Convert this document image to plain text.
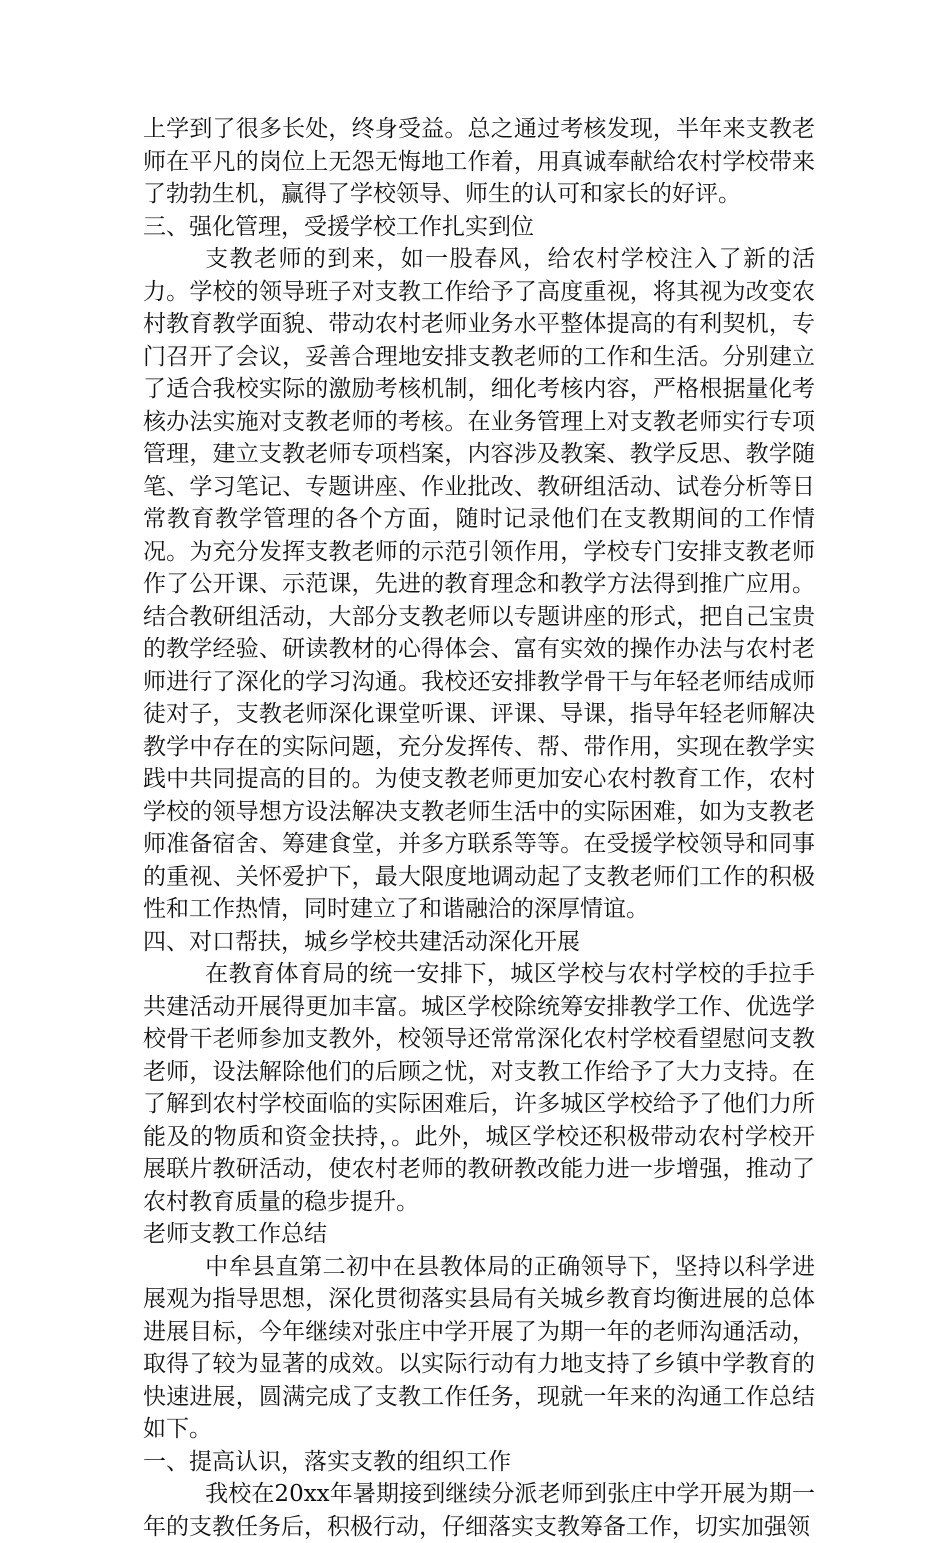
上学到了很多长处，终身受益。总之通过考核发现，半年来支教老师在平凡的岗位上无怨无悔地工作着，用真诚奉献给农村学校带来了勃勃生机，赢得了学校领导、师生的认可和家长的好评。

三、强化管理，受援学校工作扎实到位

支教老师的到来，如一股春风，给农村学校注入了新的活力。学校的领导班子对支教工作给予了高度重视，将其视为改变农村教育教学面貌、带动农村老师业务水平整体提高的有利契机，专门召开了会议，妥善合理地安排支教老师的工作和生活。分别建立了适合我校实际的激励考核机制，细化考核内容，严格根据量化考核办法实施对支教老师的考核。在业务管理上对支教老师实行专项管理，建立支教老师专项档案，内容涉及教案、教学反思、教学随笔、学习笔记、专题讲座、作业批改、教研组活动、试卷分析等日常教育教学管理的各个方面，随时记录他们在支教期间的工作情况。为充分发挥支教老师的示范引领作用，学校专门安排支教老师作了公开课、示范课，先进的教育理念和教学方法得到推广应用。结合教研组活动，大部分支教老师以专题讲座的形式，把自己宝贵的教学经验、研读教材的心得体会、富有实效的操作办法与农村老师进行了深化的学习沟通。我校还安排教学骨干与年轻老师结成师徒对子，支教老师深化课堂听课、评课、导课，指导年轻老师解决教学中存在的实际问题，充分发挥传、帮、带作用，实现在教学实践中共同提高的目的。为使支教老师更加安心农村教育工作，农村学校的领导想方设法解决支教老师生活中的实际困难，如为支教老师准备宿舍、筹建食堂，并多方联系等等。在受援学校领导和同事的重视、关怀爱护下，最大限度地调动起了支教老师们工作的积极性和工作热情，同时建立了和谐融洽的深厚情谊。

四、对口帮扶，城乡学校共建活动深化开展

在教育体育局的统一安排下，城区学校与农村学校的手拉手共建活动开展得更加丰富。城区学校除统筹安排教学工作、优选学校骨干老师参加支教外，校领导还常常深化农村学校看望慰问支教老师，设法解除他们的后顾之忧，对支教工作给予了大力支持。在了解到农村学校面临的实际困难后，许多城区学校给予了他们力所能及的物质和资金扶持，。此外，城区学校还积极带动农村学校开展联片教研活动，使农村老师的教研教改能力进一步增强，推动了农村教育质量的稳步提升。

老师支教工作总结

中牟县直第二初中在县教体局的正确领导下，坚持以科学进展观为指导思想，深化贯彻落实县局有关城乡教育均衡进展的总体进展目标，今年继续对张庄中学开展了为期一年的老师沟通活动，取得了较为显著的成效。以实际行动有力地支持了乡镇中学教育的快速进展，圆满完成了支教工作任务，现就一年来的沟通工作总结如下。

一、提高认识，落实支教的组织工作

我校在20xx年暑期接到继续分派老师到张庄中学开展为期一年的支教任务后，积极行动，仔细落实支教筹备工作，切实加强领
